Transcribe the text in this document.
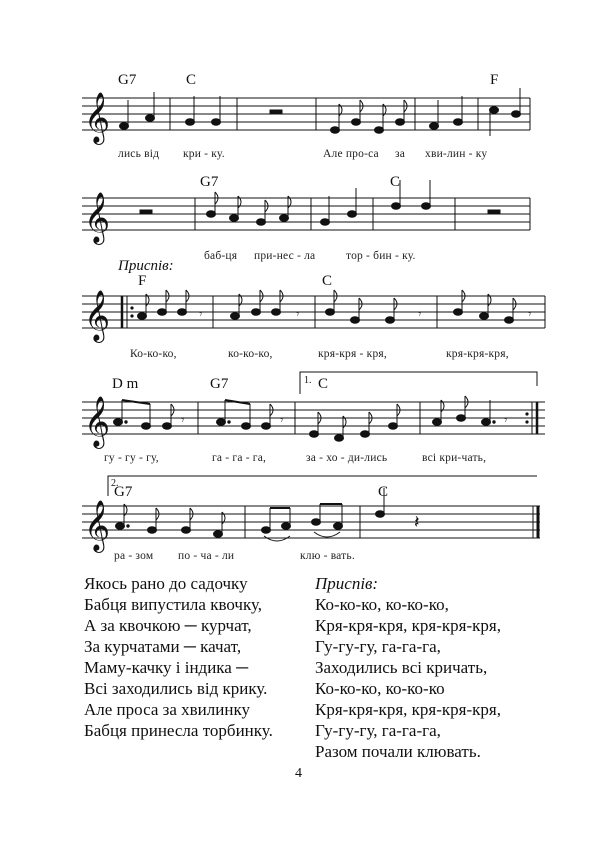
𝄞
G7	C	F
лись від кри - ку.	Але про-са за хви-лин - ку
𝄞
G7	C
баб-ця при-нес - ла	тор - бин - ку.
Приспів:
𝄞	𝄾	𝄾	𝄾	𝄾
F	C
Ко-ко-ко,	ко-ко-ко,	кря-кря - кря,	кря-кря-кря,
𝄞	𝄾	𝄾	𝄾
1.
D m	G7	C
гу - гу - гу,	га - га - га,	за - хо - ди-лись	всі кри-чать,
𝄞	𝄽
2.
G7	C
ра - зом по - ча - ли	клю - вать.
Якось рано до садочку
Бабця випустила квочку,
А за квочкою ─ курчат,
За курчатами ─ качат,
Маму-качку і індика ─
Всі заходились від крику.
Але проса за хвилинку
Бабця принесла торбинку.
Приспів:
Ко-ко-ко, ко-ко-ко,
Кря-кря-кря, кря-кря-кря,
Гу-гу-гу, га-га-га,
Заходились всі кричать,
Ко-ко-ко, ко-ко-ко
Кря-кря-кря, кря-кря-кря,
Гу-гу-гу, га-га-га,
Разом почали клювать.
4
